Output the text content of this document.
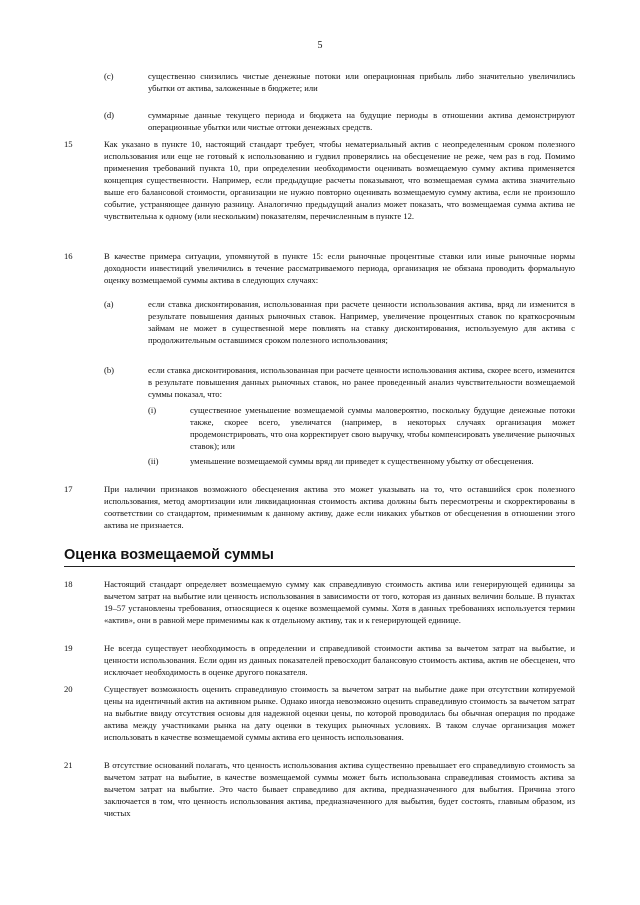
5
(c)	существенно снизились чистые денежные потоки или операционная прибыль либо значительно увеличились убытки от актива, заложенные в бюджете; или
(d)	суммарные данные текущего периода и бюджета на будущие периоды в отношении актива демонстрируют операционные убытки или чистые оттоки денежных средств.
15	Как указано в пункте 10, настоящий стандарт требует, чтобы нематериальный актив с неопределенным сроком полезного использования или еще не готовый к использованию и гудвил проверялись на обесценение не реже, чем раз в год. Помимо применения требований пункта 10, при определении необходимости оценивать возмещаемую сумму актива применяется концепция существенности. Например, если предыдущие расчеты показывают, что возмещаемая сумма актива значительно выше его балансовой стоимости, организации не нужно повторно оценивать возмещаемую сумму актива, если не произошло событие, устраняющее данную разницу. Аналогично предыдущий анализ может показать, что возмещаемая сумма актива не чувствительна к одному (или нескольким) показателям, перечисленным в пункте 12.
16	В качестве примера ситуации, упомянутой в пункте 15: если рыночные процентные ставки или иные рыночные нормы доходности инвестиций увеличились в течение рассматриваемого периода, организация не обязана проводить формальную оценку возмещаемой суммы актива в следующих случаях:
(a)	если ставка дисконтирования, использованная при расчете ценности использования актива, вряд ли изменится в результате повышения данных рыночных ставок. Например, увеличение процентных ставок по краткосрочным займам не может в существенной мере повлиять на ставку дисконтирования, используемую для актива с продолжительным оставшимся сроком полезного использования;
(b)	если ставка дисконтирования, использованная при расчете ценности использования актива, скорее всего, изменится в результате повышения данных рыночных ставок, но ранее проведенный анализ чувствительности возмещаемой суммы показал, что:
(i)	существенное уменьшение возмещаемой суммы маловероятно, поскольку будущие денежные потоки также, скорее всего, увеличатся (например, в некоторых случаях организация может продемонстрировать, что она корректирует свою выручку, чтобы компенсировать увеличение рыночных ставок); или
(ii)	уменьшение возмещаемой суммы вряд ли приведет к существенному убытку от обесценения.
17	При наличии признаков возможного обесценения актива это может указывать на то, что оставшийся срок полезного использования, метод амортизации или ликвидационная стоимость актива должны быть пересмотрены и скорректированы в соответствии со стандартом, применимым к данному активу, даже если никаких убытков от обесценения в отношении этого актива не признается.
Оценка возмещаемой суммы
18	Настоящий стандарт определяет возмещаемую сумму как справедливую стоимость актива или генерирующей единицы за вычетом затрат на выбытие или ценность использования в зависимости от того, которая из данных величин больше. В пунктах 19–57 установлены требования, относящиеся к оценке возмещаемой суммы. Хотя в данных требованиях используется термин «актив», они в равной мере применимы как к отдельному активу, так и к генерирующей единице.
19	Не всегда существует необходимость в определении и справедливой стоимости актива за вычетом затрат на выбытие, и ценности использования. Если один из данных показателей превосходит балансовую стоимость актива, актив не обесценен, что исключает необходимость в оценке другого показателя.
20	Существует возможность оценить справедливую стоимость за вычетом затрат на выбытие даже при отсутствии котируемой цены на идентичный актив на активном рынке. Однако иногда невозможно оценить справедливую стоимость за вычетом затрат на выбытие ввиду отсутствия основы для надежной оценки цены, по которой проводилась бы обычная операция по продаже актива между участниками рынка на дату оценки в текущих рыночных условиях. В таком случае организация может использовать в качестве возмещаемой суммы актива его ценность использования.
21	В отсутствие оснований полагать, что ценность использования актива существенно превышает его справедливую стоимость за вычетом затрат на выбытие, в качестве возмещаемой суммы может быть использована справедливая стоимость актива за вычетом затрат на выбытие. Это часто бывает справедливо для актива, предназначенного для выбытия. Причина этого заключается в том, что ценность использования актива, предназначенного для выбытия, будет состоять, главным образом, из чистых
